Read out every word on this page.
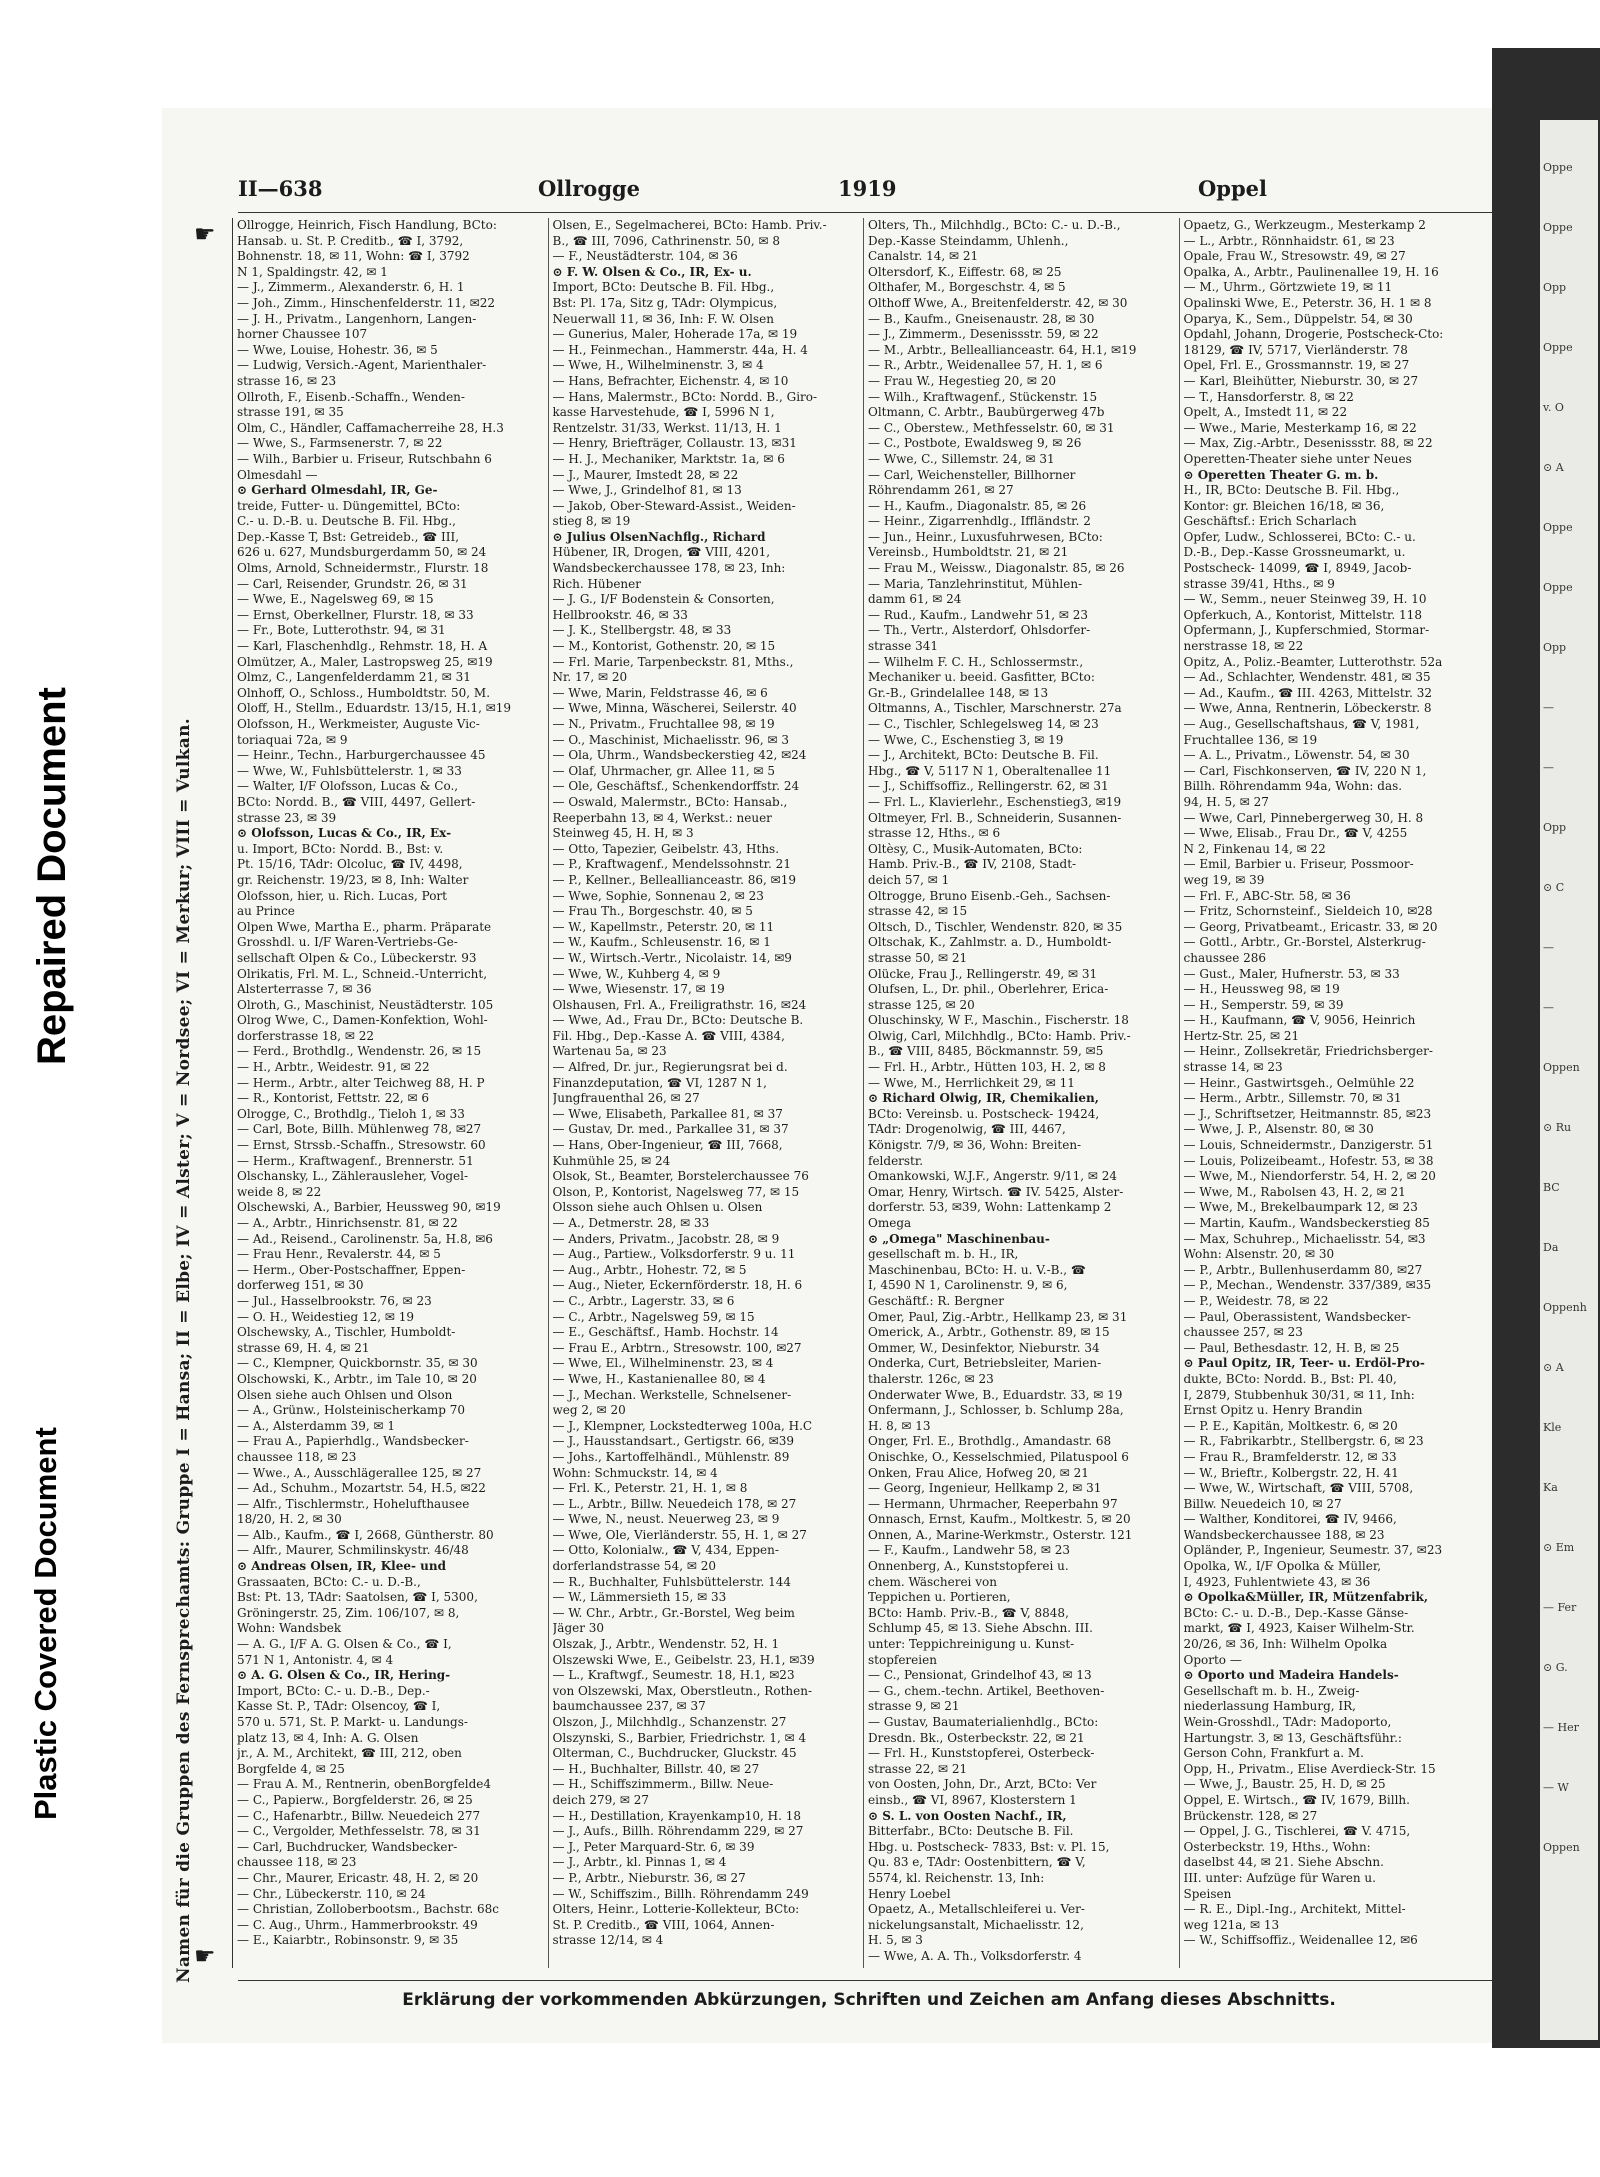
II—638	Ollrogge	1919	Oppel
☛
Namen für die Gruppen des Fernsprechamts: Gruppe I = Hansa; II = Elbe; IV = Alster; V = Nordsee; VI = Merkur; VIII = Vulkan. ☛

Ollrogge, Heinrich, Fisch Handlung, BCto:

Hansab. u. St. P. Creditb., ☎ I, 3792,

Bohnenstr. 18, ✉ 11, Wohn: ☎ I, 3792

N 1, Spaldingstr. 42, ✉ 1

— J., Zimmerm., Alexanderstr. 6, H. 1

— Joh., Zimm., Hinschenfelderstr. 11, ✉22

— J. H., Privatm., Langenhorn, Langen-

horner Chaussee 107

— Wwe, Louise, Hohestr. 36, ✉ 5

— Ludwig, Versich.-Agent, Marienthaler-

strasse 16, ✉ 23

Ollroth, F., Eisenb.-Schaffn., Wenden-

strasse 191, ✉ 35

Olm, C., Händler, Caffamacherreihe 28, H.3

— Wwe, S., Farmsenerstr. 7, ✉ 22

— Wilh., Barbier u. Friseur, Rutschbahn 6

Olmesdahl —

⊙ Gerhard Olmesdahl, IR, Ge-

treide, Futter- u. Düngemittel, BCto:

C.- u. D.-B. u. Deutsche B. Fil. Hbg.,

Dep.-Kasse T, Bst: Getreideb., ☎ III,

626 u. 627, Mundsburgerdamm 50, ✉ 24

Olms, Arnold, Schneidermstr., Flurstr. 18

— Carl, Reisender, Grundstr. 26, ✉ 31

— Wwe, E., Nagelsweg 69, ✉ 15

— Ernst, Oberkellner, Flurstr. 18, ✉ 33

— Fr., Bote, Lutterothstr. 94, ✉ 31

— Karl, Flaschenhdlg., Rehmstr. 18, H. A

Olmützer, A., Maler, Lastropsweg 25, ✉19

Olmz, C., Langenfelderdamm 21, ✉ 31

Olnhoff, O., Schloss., Humboldtstr. 50, M.

Oloff, H., Stellm., Eduardstr. 13/15, H.1, ✉19

Olofsson, H., Werkmeister, Auguste Vic-

toriaquai 72a, ✉ 9

— Heinr., Techn., Harburgerchaussee 45

— Wwe, W., Fuhlsbüttelerstr. 1, ✉ 33

— Walter, I/F Olofsson, Lucas & Co.,

BCto: Nordd. B., ☎ VIII, 4497, Gellert-

strasse 23, ✉ 39

⊙ Olofsson, Lucas & Co., IR, Ex-

u. Import, BCto: Nordd. B., Bst: v.

Pt. 15/16, TAdr: Olcoluc, ☎ IV, 4498,

gr. Reichenstr. 19/23, ✉ 8, Inh: Walter

Olofsson, hier, u. Rich. Lucas, Port

au Prince

Olpen Wwe, Martha E., pharm. Präparate

Grosshdl. u. I/F Waren-Vertriebs-Ge-

sellschaft Olpen & Co., Lübeckerstr. 93

Olrikatis, Frl. M. L., Schneid.-Unterricht,

Alsterterrasse 7, ✉ 36

Olroth, G., Maschinist, Neustädterstr. 105

Olrog Wwe, C., Damen-Konfektion, Wohl-

dorferstrasse 18, ✉ 22

— Ferd., Brothdlg., Wendenstr. 26, ✉ 15

— H., Arbtr., Weidestr. 91, ✉ 22

— Herm., Arbtr., alter Teichweg 88, H. P

— R., Kontorist, Fettstr. 22, ✉ 6

Olrogge, C., Brothdlg., Tieloh 1, ✉ 33

— Carl, Bote, Billh. Mühlenweg 78, ✉27

— Ernst, Strssb.-Schaffn., Stresowstr. 60

— Herm., Kraftwagenf., Brennerstr. 51

Olschansky, L., Zählerausleher, Vogel-

weide 8, ✉ 22

Olschewski, A., Barbier, Heussweg 90, ✉19

— A., Arbtr., Hinrichsenstr. 81, ✉ 22

— Ad., Reisend., Carolinenstr. 5a, H.8, ✉6

— Frau Henr., Revalerstr. 44, ✉ 5

— Herm., Ober-Postschaffner, Eppen-

dorferweg 151, ✉ 30

— Jul., Hasselbrookstr. 76, ✉ 23

— O. H., Weidestieg 12, ✉ 19

Olschewsky, A., Tischler, Humboldt-

strasse 69, H. 4, ✉ 21

— C., Klempner, Quickbornstr. 35, ✉ 30

Olschowski, K., Arbtr., im Tale 10, ✉ 20

Olsen siehe auch Ohlsen und Olson

— A., Grünw., Holsteinischerkamp 70

— A., Alsterdamm 39, ✉ 1

— Frau A., Papierhdlg., Wandsbecker-

chaussee 118, ✉ 23

— Wwe., A., Ausschlägerallee 125, ✉ 27

— Ad., Schuhm., Mozartstr. 54, H.5, ✉22

— Alfr., Tischlermstr., Hohelufthausee

18/20, H. 2, ✉ 30

— Alb., Kaufm., ☎ I, 2668, Güntherstr. 80

— Alfr., Maurer, Schmilinskystr. 46/48

⊙ Andreas Olsen, IR, Klee- und

Grassaaten, BCto: C.- u. D.-B.,

Bst: Pt. 13, TAdr: Saatolsen, ☎ I, 5300,

Gröningerstr. 25, Zim. 106/107, ✉ 8,

Wohn: Wandsbek

— A. G., I/F A. G. Olsen & Co., ☎ I,

571 N 1, Antonistr. 4, ✉ 4

⊙ A. G. Olsen & Co., IR, Hering-

Import, BCto: C.- u. D.-B., Dep.-

Kasse St. P., TAdr: Olsencoy, ☎ I,

570 u. 571, St. P. Markt- u. Landungs-

platz 13, ✉ 4, Inh: A. G. Olsen

jr., A. M., Architekt, ☎ III, 212, oben

Borgfelde 4, ✉ 25

— Frau A. M., Rentnerin, obenBorgfelde4

— C., Papierw., Borgfelderstr. 26, ✉ 25

— C., Hafenarbtr., Billw. Neuedeich 277

— C., Vergolder, Methfesselstr. 78, ✉ 31

— Carl, Buchdrucker, Wandsbecker-

chaussee 118, ✉ 23

— Chr., Maurer, Ericastr. 48, H. 2, ✉ 20

— Chr., Lübeckerstr. 110, ✉ 24

— Christian, Zolloberbootsm., Bachstr. 68c

— C. Aug., Uhrm., Hammerbrookstr. 49

— E., Kaiarbtr., Robinsonstr. 9, ✉ 35

Olsen, E., Segelmacherei, BCto: Hamb. Priv.-

B., ☎ III, 7096, Cathrinenstr. 50, ✉ 8

— F., Neustädterstr. 104, ✉ 36

⊙ F. W. Olsen & Co., IR, Ex- u.

Import, BCto: Deutsche B. Fil. Hbg.,

Bst: Pl. 17a, Sitz g, TAdr: Olympicus,

Neuerwall 11, ✉ 36, Inh: F. W. Olsen

— Gunerius, Maler, Hoherade 17a, ✉ 19

— H., Feinmechan., Hammerstr. 44a, H. 4

— Wwe, H., Wilhelminenstr. 3, ✉ 4

— Hans, Befrachter, Eichenstr. 4, ✉ 10

— Hans, Malermstr., BCto: Nordd. B., Giro-

kasse Harvestehude, ☎ I, 5996 N 1,

Rentzelstr. 31/33, Werkst. 11/13, H. 1

— Henry, Briefträger, Collaustr. 13, ✉31

— H. J., Mechaniker, Marktstr. 1a, ✉ 6

— J., Maurer, Imstedt 28, ✉ 22

— Wwe, J., Grindelhof 81, ✉ 13

— Jakob, Ober-Steward-Assist., Weiden-

stieg 8, ✉ 19

⊙ Julius OlsenNachflg., Richard

Hübener, IR, Drogen, ☎ VIII, 4201,

Wandsbeckerchaussee 178, ✉ 23, Inh:

Rich. Hübener

— J. G., I/F Bodenstein & Consorten,

Hellbrookstr. 46, ✉ 33

— J. K., Stellbergstr. 48, ✉ 33

— M., Kontorist, Gothenstr. 20, ✉ 15

— Frl. Marie, Tarpenbeckstr. 81, Mths.,

Nr. 17, ✉ 20

— Wwe, Marin, Feldstrasse 46, ✉ 6

— Wwe, Minna, Wäscherei, Seilerstr. 40

— N., Privatm., Fruchtallee 98, ✉ 19

— O., Maschinist, Michaelisstr. 96, ✉ 3

— Ola, Uhrm., Wandsbeckerstieg 42, ✉24

— Olaf, Uhrmacher, gr. Allee 11, ✉ 5

— Ole, Geschäftsf., Schenkendorffstr. 24

— Oswald, Malermstr., BCto: Hansab.,

Reeperbahn 13, ✉ 4, Werkst.: neuer

Steinweg 45, H. H, ✉ 3

— Otto, Tapezier, Geibelstr. 43, Hths.

— P., Kraftwagenf., Mendelssohnstr. 21

— P., Kellner., Belleallianceastr. 86, ✉19

— Wwe, Sophie, Sonnenau 2, ✉ 23

— Frau Th., Borgeschstr. 40, ✉ 5

— W., Kapellmstr., Peterstr. 20, ✉ 11

— W., Kaufm., Schleusenstr. 16, ✉ 1

— W., Wirtsch.-Vertr., Nicolaistr. 14, ✉9

— Wwe, W., Kuhberg 4, ✉ 9

— Wwe, Wiesenstr. 17, ✉ 19

Olshausen, Frl. A., Freiligrathstr. 16, ✉24

— Wwe, Ad., Frau Dr., BCto: Deutsche B.

Fil. Hbg., Dep.-Kasse A. ☎ VIII, 4384,

Wartenau 5a, ✉ 23

— Alfred, Dr. jur., Regierungsrat bei d.

Finanzdeputation, ☎ VI, 1287 N 1,

Jungfrauenthal 26, ✉ 27

— Wwe, Elisabeth, Parkallee 81, ✉ 37

— Gustav, Dr. med., Parkallee 31, ✉ 37

— Hans, Ober-Ingenieur, ☎ III, 7668,

Kuhmühle 25, ✉ 24

Olsok, St., Beamter, Borstelerchaussee 76

Olson, P., Kontorist, Nagelsweg 77, ✉ 15

Olsson siehe auch Ohlsen u. Olsen

— A., Detmerstr. 28, ✉ 33

— Anders, Privatm., Jacobstr. 28, ✉ 9

— Aug., Partiew., Volksdorferstr. 9 u. 11

— Aug., Arbtr., Hohestr. 72, ✉ 5

— Aug., Nieter, Eckernförderstr. 18, H. 6

— C., Arbtr., Lagerstr. 33, ✉ 6

— C., Arbtr., Nagelsweg 59, ✉ 15

— E., Geschäftsf., Hamb. Hochstr. 14

— Frau E., Arbtrn., Stresowstr. 100, ✉27

— Wwe, El., Wilhelminenstr. 23, ✉ 4

— Wwe, H., Kastanienallee 80, ✉ 4

— J., Mechan. Werkstelle, Schnelsener-

weg 2, ✉ 20

— J., Klempner, Lockstedterweg 100a, H.C

— J., Hausstandsart., Gertigstr. 66, ✉39

— Johs., Kartoffelhändl., Mühlenstr. 89

Wohn: Schmuckstr. 14, ✉ 4

— Frl. K., Peterstr. 21, H. 1, ✉ 8

— L., Arbtr., Billw. Neuedeich 178, ✉ 27

— Wwe, N., neust. Neuerweg 23, ✉ 9

— Wwe, Ole, Vierländerstr. 55, H. 1, ✉ 27

— Otto, Kolonialw., ☎ V, 434, Eppen-

dorferlandstrasse 54, ✉ 20

— R., Buchhalter, Fuhlsbüttelerstr. 144

— W., Lämmersieth 15, ✉ 33

— W. Chr., Arbtr., Gr.-Borstel, Weg beim

Jäger 30

Olszak, J., Arbtr., Wendenstr. 52, H. 1

Olszewski Wwe, E., Geibelstr. 23, H.1, ✉39

— L., Kraftwgf., Seumestr. 18, H.1, ✉23

von Olszewski, Max, Oberstleutn., Rothen-

baumchaussee 237, ✉ 37

Olszon, J., Milchhdlg., Schanzenstr. 27

Olszynski, S., Barbier, Friedrichstr. 1, ✉ 4

Olterman, C., Buchdrucker, Gluckstr. 45

— H., Buchhalter, Billstr. 40, ✉ 27

— H., Schiffszimmerm., Billw. Neue-

deich 279, ✉ 27

— H., Destillation, Krayenkamp10, H. 18

— J., Aufs., Billh. Röhrendamm 229, ✉ 27

— J., Peter Marquard-Str. 6, ✉ 39

— J., Arbtr., kl. Pinnas 1, ✉ 4

— P., Arbtr., Nieburstr. 36, ✉ 27

— W., Schiffszim., Billh. Röhrendamm 249

Olters, Heinr., Lotterie-Kollekteur, BCto:

St. P. Creditb., ☎ VIII, 1064, Annen-

strasse 12/14, ✉ 4

Olters, Th., Milchhdlg., BCto: C.- u. D.-B.,

Dep.-Kasse Steindamm, Uhlenh.,

Canalstr. 14, ✉ 21

Oltersdorf, K., Eiffestr. 68, ✉ 25

Olthafer, M., Borgeschstr. 4, ✉ 5

Olthoff Wwe, A., Breitenfelderstr. 42, ✉ 30

— B., Kaufm., Gneisenaustr. 28, ✉ 30

— J., Zimmerm., Desenissstr. 59, ✉ 22

— M., Arbtr., Belleallianceastr. 64, H.1, ✉19

— R., Arbtr., Weidenallee 57, H. 1, ✉ 6

— Frau W., Hegestieg 20, ✉ 20

— Wilh., Kraftwagenf., Stückenstr. 15

Oltmann, C. Arbtr., Baubürgerweg 47b

— C., Oberstew., Methfesselstr. 60, ✉ 31

— C., Postbote, Ewaldsweg 9, ✉ 26

— Wwe, C., Sillemstr. 24, ✉ 31

— Carl, Weichensteller, Billhorner

Röhrendamm 261, ✉ 27

— H., Kaufm., Diagonalstr. 85, ✉ 26

— Heinr., Zigarrenhdlg., Iffländstr. 2

— Jun., Heinr., Luxusfuhrwesen, BCto:

Vereinsb., Humboldtstr. 21, ✉ 21

— Frau M., Weissw., Diagonalstr. 85, ✉ 26

— Maria, Tanzlehrinstitut, Mühlen-

damm 61, ✉ 24

— Rud., Kaufm., Landwehr 51, ✉ 23

— Th., Vertr., Alsterdorf, Ohlsdorfer-

strasse 341

— Wilhelm F. C. H., Schlossermstr.,

Mechaniker u. beeid. Gasfitter, BCto:

Gr.-B., Grindelallee 148, ✉ 13

Oltmanns, A., Tischler, Marschnerstr. 27a

— C., Tischler, Schlegelsweg 14, ✉ 23

— Wwe, C., Eschenstieg 3, ✉ 19

— J., Architekt, BCto: Deutsche B. Fil.

Hbg., ☎ V, 5117 N 1, Oberaltenallee 11

— J., Schiffsoffiz., Rellingerstr. 62, ✉ 31

— Frl. L., Klavierlehr., Eschenstieg3, ✉19

Oltmeyer, Frl. B., Schneiderin, Susannen-

strasse 12, Hths., ✉ 6

Oltèsy, C., Musik-Automaten, BCto:

Hamb. Priv.-B., ☎ IV, 2108, Stadt-

deich 57, ✉ 1

Oltrogge, Bruno Eisenb.-Geh., Sachsen-

strasse 42, ✉ 15

Oltsch, D., Tischler, Wendenstr. 820, ✉ 35

Oltschak, K., Zahlmstr. a. D., Humboldt-

strasse 50, ✉ 21

Olücke, Frau J., Rellingerstr. 49, ✉ 31

Olufsen, L., Dr. phil., Oberlehrer, Erica-

strasse 125, ✉ 20

Oluschinsky, W F., Maschin., Fischerstr. 18

Olwig, Carl, Milchhdlg., BCto: Hamb. Priv.-

B., ☎ VIII, 8485, Böckmannstr. 59, ✉5

— Frl. H., Arbtr., Hütten 103, H. 2, ✉ 8

— Wwe, M., Herrlichkeit 29, ✉ 11

⊙ Richard Olwig, IR, Chemikalien,

BCto: Vereinsb. u. Postscheck- 19424,

TAdr: Drogenolwig, ☎ III, 4467,

Königstr. 7/9, ✉ 36, Wohn: Breiten-

felderstr.

Omankowski, W.J.F., Angerstr. 9/11, ✉ 24

Omar, Henry, Wirtsch. ☎ IV. 5425, Alster-

dorferstr. 53, ✉39, Wohn: Lattenkamp 2

Omega

⊙ „Omega" Maschinenbau-

gesellschaft m. b. H., IR,

Maschinenbau, BCto: H. u. V.-B., ☎

I, 4590 N 1, Carolinenstr. 9, ✉ 6,

Geschäftf.: R. Bergner

Omer, Paul, Zig.-Arbtr., Hellkamp 23, ✉ 31

Omerick, A., Arbtr., Gothenstr. 89, ✉ 15

Ommer, W., Desinfektor, Nieburstr. 34

Onderka, Curt, Betriebsleiter, Marien-

thalerstr. 126c, ✉ 23

Onderwater Wwe, B., Eduardstr. 33, ✉ 19

Onfermann, J., Schlosser, b. Schlump 28a,

H. 8, ✉ 13

Onger, Frl. E., Brothdlg., Amandastr. 68

Onischke, O., Kesselschmied, Pilatuspool 6

Onken, Frau Alice, Hofweg 20, ✉ 21

— Georg, Ingenieur, Hellkamp 2, ✉ 31

— Hermann, Uhrmacher, Reeperbahn 97

Onnasch, Ernst, Kaufm., Moltkestr. 5, ✉ 20

Onnen, A., Marine-Werkmstr., Osterstr. 121

— F., Kaufm., Landwehr 58, ✉ 23

Onnenberg, A., Kunststopferei u.

chem. Wäscherei von

Teppichen u. Portieren,

BCto: Hamb. Priv.-B., ☎ V, 8848,

Schlump 45, ✉ 13. Siehe Abschn. III.

unter: Teppichreinigung u. Kunst-

stopfereien

— C., Pensionat, Grindelhof 43, ✉ 13

— G., chem.-techn. Artikel, Beethoven-

strasse 9, ✉ 21

— Gustav, Baumaterialienhdlg., BCto:

Dresdn. Bk., Osterbeckstr. 22, ✉ 21

— Frl. H., Kunststopferei, Osterbeck-

strasse 22, ✉ 21

von Oosten, John, Dr., Arzt, BCto: Ver

einsb., ☎ VI, 8967, Klosterstern 1

⊙ S. L. von Oosten Nachf., IR,

Bitterfabr., BCto: Deutsche B. Fil.

Hbg. u. Postscheck- 7833, Bst: v. Pl. 15,

Qu. 83 e, TAdr: Oostenbittern, ☎ V,

5574, kl. Reichenstr. 13, Inh:

Henry Loebel

Opaetz, A., Metallschleiferei u. Ver-

nickelungsanstalt, Michaelisstr. 12,

H. 5, ✉ 3

— Wwe, A. A. Th., Volksdorferstr. 4

Opaetz, G., Werkzeugm., Mesterkamp 2

— L., Arbtr., Rönnhaidstr. 61, ✉ 23

Opale, Frau W., Stresowstr. 49, ✉ 27

Opalka, A., Arbtr., Paulinenallee 19, H. 16

— M., Uhrm., Görtzwiete 19, ✉ 11

Opalinski Wwe, E., Peterstr. 36, H. 1 ✉ 8

Oparya, K., Sem., Düppelstr. 54, ✉ 30

Opdahl, Johann, Drogerie, Postscheck-Cto:

18129, ☎ IV, 5717, Vierländerstr. 78

Opel, Frl. E., Grossmannstr. 19, ✉ 27

— Karl, Bleihütter, Nieburstr. 30, ✉ 27

— T., Hansdorferstr. 8, ✉ 22

Opelt, A., Imstedt 11, ✉ 22

— Wwe., Marie, Mesterkamp 16, ✉ 22

— Max, Zig.-Arbtr., Desenissstr. 88, ✉ 22

Operetten-Theater siehe unter Neues

⊙ Operetten Theater G. m. b.

H., IR, BCto: Deutsche B. Fil. Hbg.,

Kontor: gr. Bleichen 16/18, ✉ 36,

Geschäftsf.: Erich Scharlach

Opfer, Ludw., Schlosserei, BCto: C.- u.

D.-B., Dep.-Kasse Grossneumarkt, u.

Postscheck- 14099, ☎ I, 8949, Jacob-

strasse 39/41, Hths., ✉ 9

— W., Semm., neuer Steinweg 39, H. 10

Opferkuch, A., Kontorist, Mittelstr. 118

Opfermann, J., Kupferschmied, Stormar-

nerstrasse 18, ✉ 22

Opitz, A., Poliz.-Beamter, Lutterothstr. 52a

— Ad., Schlachter, Wendenstr. 481, ✉ 35

— Ad., Kaufm., ☎ III. 4263, Mittelstr. 32

— Wwe, Anna, Rentnerin, Löbeckerstr. 8

— Aug., Gesellschaftshaus, ☎ V, 1981,

Fruchtallee 136, ✉ 19

— A. L., Privatm., Löwenstr. 54, ✉ 30

— Carl, Fischkonserven, ☎ IV, 220 N 1,

Billh. Röhrendamm 94a, Wohn: das.

94, H. 5, ✉ 27

— Wwe, Carl, Pinnebergerweg 30, H. 8

— Wwe, Elisab., Frau Dr., ☎ V, 4255

N 2, Finkenau 14, ✉ 22

— Emil, Barbier u. Friseur, Possmoor-

weg 19, ✉ 39

— Frl. F., ABC-Str. 58, ✉ 36

— Fritz, Schornsteinf., Sieldeich 10, ✉28

— Georg, Privatbeamt., Ericastr. 33, ✉ 20

— Gottl., Arbtr., Gr.-Borstel, Alsterkrug-

chaussee 286

— Gust., Maler, Hufnerstr. 53, ✉ 33

— H., Heussweg 98, ✉ 19

— H., Semperstr. 59, ✉ 39

— H., Kaufmann, ☎ V, 9056, Heinrich

Hertz-Str. 25, ✉ 21

— Heinr., Zollsekretär, Friedrichsberger-

strasse 14, ✉ 23

— Heinr., Gastwirtsgeh., Oelmühle 22

— Herm., Arbtr., Sillemstr. 70, ✉ 31

— J., Schriftsetzer, Heitmannstr. 85, ✉23

— Wwe, J. P., Alsenstr. 80, ✉ 30

— Louis, Schneidermstr., Danzigerstr. 51

— Louis, Polizeibeamt., Hofestr. 53, ✉ 38

— Wwe, M., Niendorferstr. 54, H. 2, ✉ 20

— Wwe, M., Rabolsen 43, H. 2, ✉ 21

— Wwe, M., Brekelbaumpark 12, ✉ 23

— Martin, Kaufm., Wandsbeckerstieg 85

— Max, Schuhrep., Michaelisstr. 54, ✉3

Wohn: Alsenstr. 20, ✉ 30

— P., Arbtr., Bullenhuserdamm 80, ✉27

— P., Mechan., Wendenstr. 337/389, ✉35

— P., Weidestr. 78, ✉ 22

— Paul, Oberassistent, Wandsbecker-

chaussee 257, ✉ 23

— Paul, Bethesdastr. 12, H. B, ✉ 25

⊙ Paul Opitz, IR, Teer- u. Erdöl-Pro-

dukte, BCto: Nordd. B., Bst: Pl. 40,

I, 2879, Stubbenhuk 30/31, ✉ 11, Inh:

Ernst Opitz u. Henry Brandin

— P. E., Kapitän, Moltkestr. 6, ✉ 20

— R., Fabrikarbtr., Stellbergstr. 6, ✉ 23

— Frau R., Bramfelderstr. 12, ✉ 33

— W., Brieftr., Kolbergstr. 22, H. 41

— Wwe, W., Wirtschaft, ☎ VIII, 5708,

Billw. Neuedeich 10, ✉ 27

— Walther, Konditorei, ☎ IV, 9466,

Wandsbeckerchaussee 188, ✉ 23

Opländer, P., Ingenieur, Seumestr. 37, ✉23

Opolka, W., I/F Opolka & Müller,

I, 4923, Fuhlentwiete 43, ✉ 36

⊙ Opolka&Müller, IR, Mützenfabrik,

BCto: C.- u. D.-B., Dep.-Kasse Gänse-

markt, ☎ I, 4923, Kaiser Wilhelm-Str.

20/26, ✉ 36, Inh: Wilhelm Opolka

Oporto —

⊙ Oporto und Madeira Handels-

Gesellschaft m. b. H., Zweig-

niederlassung Hamburg, IR,

Wein-Grosshdl., TAdr: Madoporto,

Hartungstr. 3, ✉ 13, Geschäftsführ.:

Gerson Cohn, Frankfurt a. M.

Opp, H., Privatm., Elise Averdieck-Str. 15

— Wwe, J., Baustr. 25, H. D, ✉ 25

Oppel, E. Wirtsch., ☎ IV, 1679, Billh.

Brückenstr. 128, ✉ 27

— Oppel, J. G., Tischlerei, ☎ V. 4715,

Osterbeckstr. 19, Hths., Wohn:

daselbst 44, ✉ 21. Siehe Abschn.

III. unter: Aufzüge für Waren u.

Speisen

— R. E., Dipl.-Ing., Architekt, Mittel-

weg 121a, ✉ 13

— W., Schiffsoffiz., Weidenallee 12, ✉6

Erklärung der vorkommenden Abkürzungen, Schriften und Zeichen am Anfang dieses Abschnitts.
Oppe
Oppe
Opp
Oppe
v. O
⊙ A
Oppe
Oppe
Opp
—
—
Opp
⊙ C
—
—
Oppen
⊙ Ru
BC
Da
Oppenh
⊙ A
Kle
Ka
⊙ Em
— Fer
⊙ G.
— Her
— W
Oppen
Repaired Document
Plastic Covered Document
